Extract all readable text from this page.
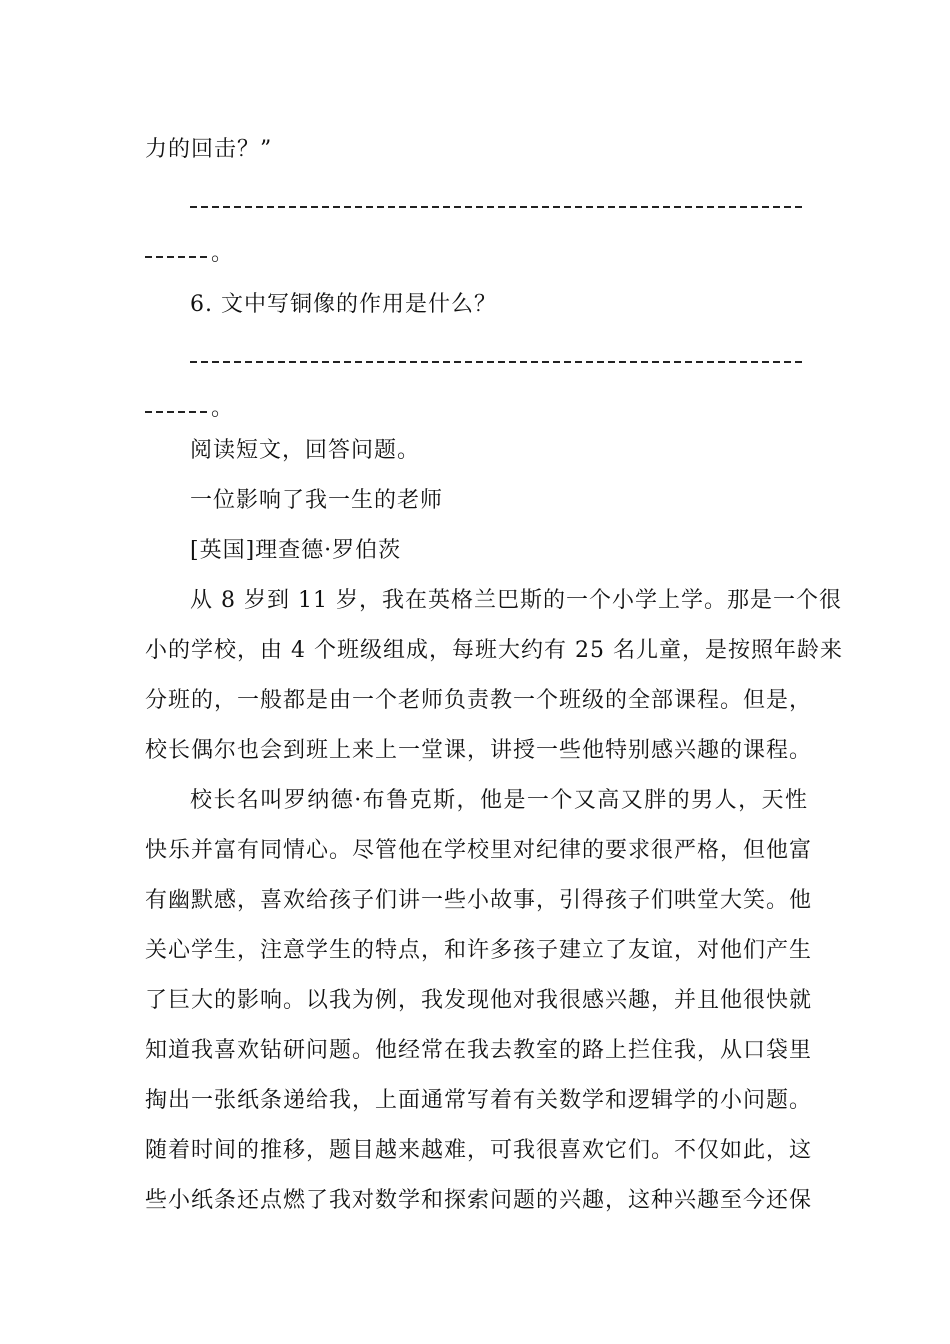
力的回击？”
。
6. 文中写铜像的作用是什么？
。
阅读短文，回答问题。
一位影响了我一生的老师
[英国]理查德·罗伯茨
从 8 岁到 11 岁，我在英格兰巴斯的一个小学上学。那是一个很
小的学校，由 4 个班级组成，每班大约有 25 名儿童，是按照年龄来
分班的，一般都是由一个老师负责教一个班级的全部课程。但是，
校长偶尔也会到班上来上一堂课，讲授一些他特别感兴趣的课程。
校长名叫罗纳德·布鲁克斯，他是一个又高又胖的男人，天性
快乐并富有同情心。尽管他在学校里对纪律的要求很严格，但他富
有幽默感，喜欢给孩子们讲一些小故事，引得孩子们哄堂大笑。他
关心学生，注意学生的特点，和许多孩子建立了友谊，对他们产生
了巨大的影响。以我为例，我发现他对我很感兴趣，并且他很快就
知道我喜欢钻研问题。他经常在我去教室的路上拦住我，从口袋里
掏出一张纸条递给我，上面通常写着有关数学和逻辑学的小问题。
随着时间的推移，题目越来越难，可我很喜欢它们。不仅如此，这
些小纸条还点燃了我对数学和探索问题的兴趣，这种兴趣至今还保
